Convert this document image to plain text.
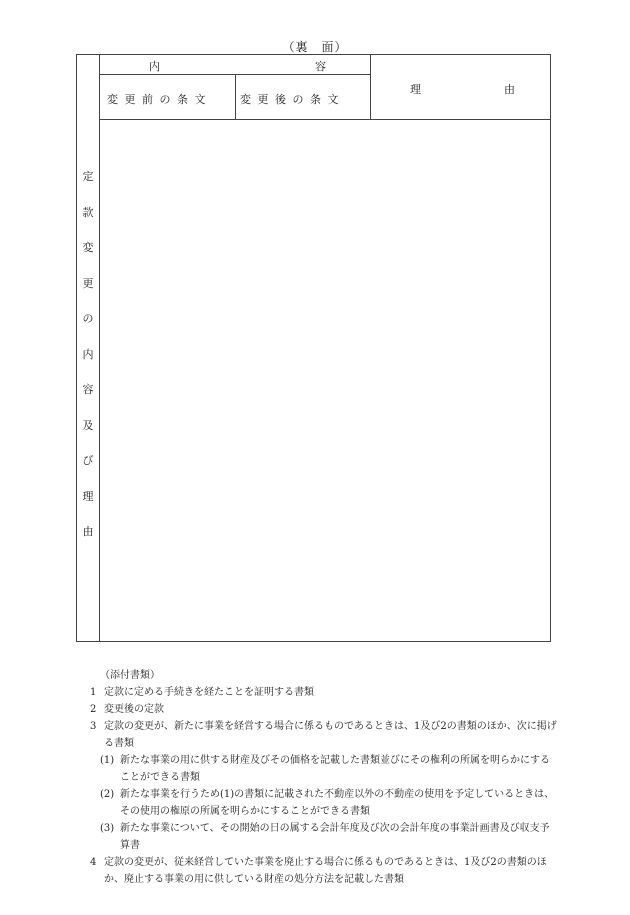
（裏　面）
内	容
変更前の条文	変更後の条文
理	由
定
款
変
更
の
内
容
及
び
理
由
（添付書類）
1 定款に定める手続きを経たことを証明する書類
2 変更後の定款
3 定款の変更が、新たに事業を経営する場合に係るものであるときは、1及び2の書類のほか、次に掲げる書類
(1) 新たな事業の用に供する財産及びその価格を記載した書類並びにその権利の所属を明らかにすることができる書類
(2) 新たな事業を行うため(1)の書類に記載された不動産以外の不動産の使用を予定しているときは、その使用の権原の所属を明らかにすることができる書類
(3) 新たな事業について、その開始の日の属する会計年度及び次の会計年度の事業計画書及び収支予算書
4 定款の変更が、従来経営していた事業を廃止する場合に係るものであるときは、1及び2の書類のほか、廃止する事業の用に供している財産の処分方法を記載した書類
